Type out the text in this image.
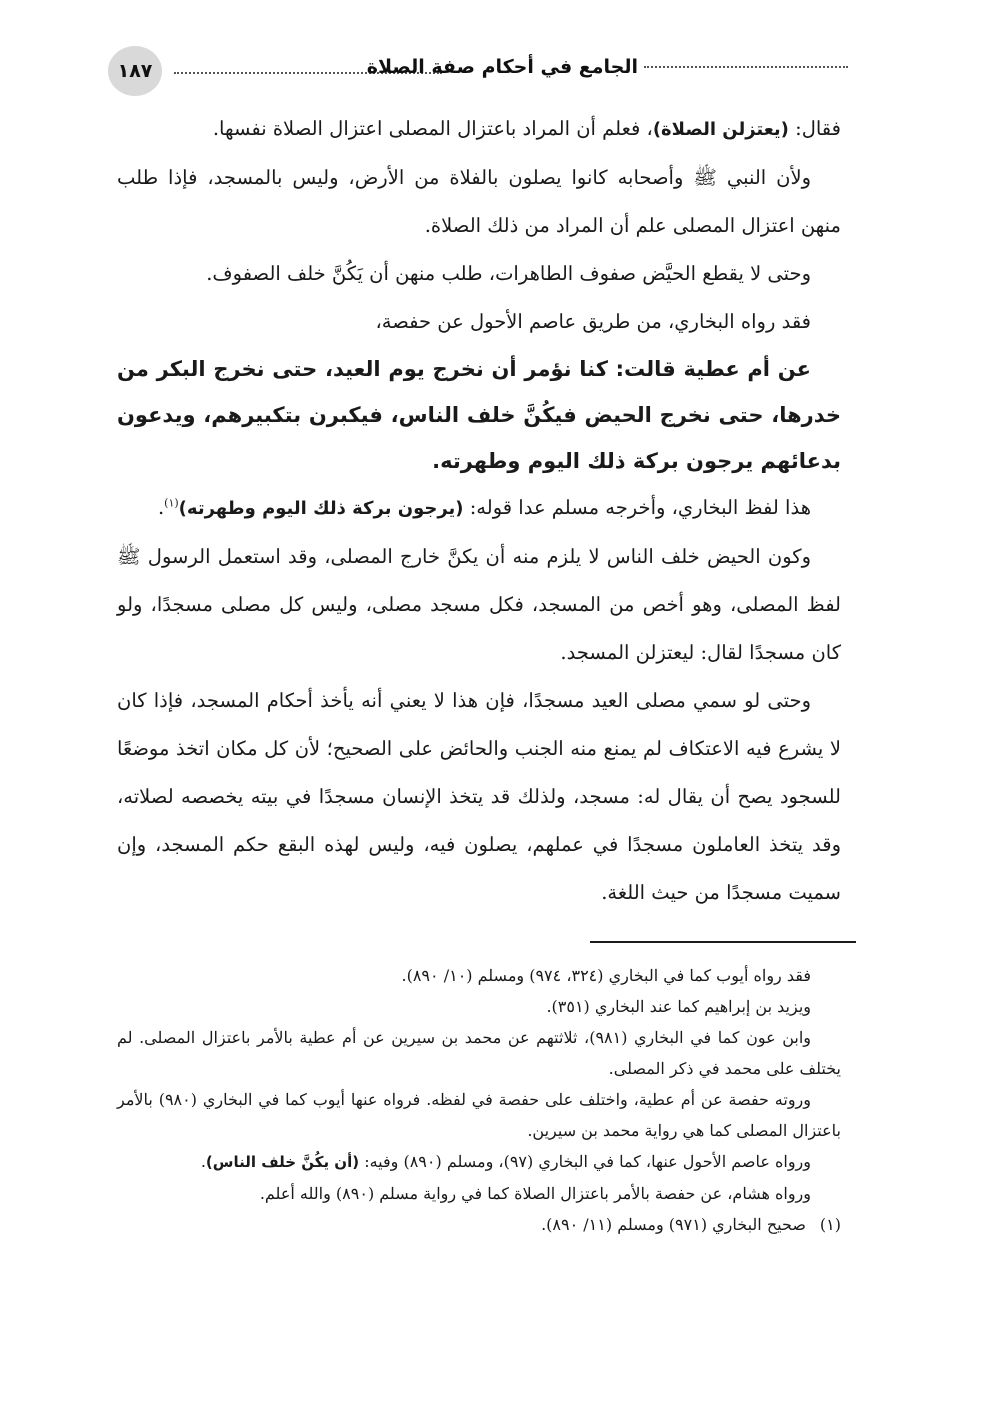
١٨٧	الجامع في أحكام صفة الصلاة

فقال: (يعتزلن الصلاة)، فعلم أن المراد باعتزال المصلى اعتزال الصلاة نفسها.

ولأن النبي ﷺ وأصحابه كانوا يصلون بالفلاة من الأرض، وليس بالمسجد، فإذا طلب منهن اعتزال المصلى علم أن المراد من ذلك الصلاة.

وحتى لا يقطع الحيَّض صفوف الطاهرات، طلب منهن أن يَكُنَّ خلف الصفوف.

فقد رواه البخاري، من طريق عاصم الأحول عن حفصة،

عن أم عطية قالت: كنا نؤمر أن نخرج يوم العيد، حتى نخرج البكر من خدرها، حتى نخرج الحيض فيكُنَّ خلف الناس، فيكبرن بتكبيرهم، ويدعون بدعائهم يرجون بركة ذلك اليوم وطهرته.

هذا لفظ البخاري، وأخرجه مسلم عدا قوله: (يرجون بركة ذلك اليوم وطهرته)$^{(١)}$.

وكون الحيض خلف الناس لا يلزم منه أن يكنَّ خارج المصلى، وقد استعمل الرسول ﷺ لفظ المصلى، وهو أخص من المسجد، فكل مسجد مصلى، وليس كل مصلى مسجدًا، ولو كان مسجدًا لقال: ليعتزلن المسجد.

وحتى لو سمي مصلى العيد مسجدًا، فإن هذا لا يعني أنه يأخذ أحكام المسجد، فإذا كان لا يشرع فيه الاعتكاف لم يمنع منه الجنب والحائض على الصحيح؛ لأن كل مكان اتخذ موضعًا للسجود يصح أن يقال له: مسجد، ولذلك قد يتخذ الإنسان مسجدًا في بيته يخصصه لصلاته، وقد يتخذ العاملون مسجدًا في عملهم، يصلون فيه، وليس لهذه البقع حكم المسجد، وإن سميت مسجدًا من حيث اللغة.

فقد رواه أيوب كما في البخاري (٣٢٤، ٩٧٤) ومسلم (١٠/ ٨٩٠).

ويزيد بن إبراهيم كما عند البخاري (٣٥١).

وابن عون كما في البخاري (٩٨١)، ثلاثتهم عن محمد بن سيرين عن أم عطية بالأمر باعتزال المصلى. لم يختلف على محمد في ذكر المصلى.

وروته حفصة عن أم عطية، واختلف على حفصة في لفظه. فرواه عنها أيوب كما في البخاري (٩٨٠) بالأمر باعتزال المصلى كما هي رواية محمد بن سيرين.

ورواه عاصم الأحول عنها، كما في البخاري (٩٧)، ومسلم (٨٩٠) وفيه: (أن يكُنَّ خلف الناس).

ورواه هشام، عن حفصة بالأمر باعتزال الصلاة كما في رواية مسلم (٨٩٠) والله أعلم.

(١)
صحيح البخاري (٩٧١) ومسلم (١١/ ٨٩٠).
